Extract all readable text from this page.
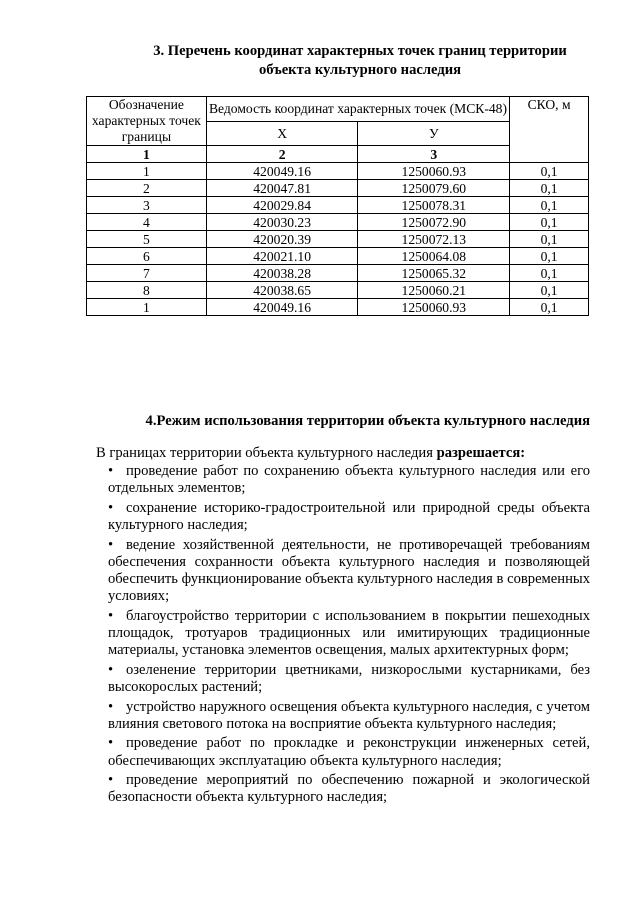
3. Перечень координат характерных точек границ территории
объекта культурного наследия
Обозначение характерных точек границы	Ведомость координат характерных точек (МСК-48)		СКО, м
	X	У	
1	2	3	
1	420049.16	1250060.93	0,1
2	420047.81	1250079.60	0,1
3	420029.84	1250078.31	0,1
4	420030.23	1250072.90	0,1
5	420020.39	1250072.13	0,1
6	420021.10	1250064.08	0,1
7	420038.28	1250065.32	0,1
8	420038.65	1250060.21	0,1
1	420049.16	1250060.93	0,1
4.Режим использования территории объекта культурного наследия
В границах территории объекта культурного наследия разрешается:
• проведение работ по сохранению объекта культурного наследия или его отдельных элементов;
• сохранение историко-градостроительной или природной среды объекта культурного наследия;
• ведение хозяйственной деятельности, не противоречащей требованиям обеспечения сохранности объекта культурного наследия и позволяющей обеспечить функционирование объекта культурного наследия в современных условиях;
• благоустройство территории с использованием в покрытии пешеходных площадок, тротуаров традиционных или имитирующих традиционные материалы, установка элементов освещения, малых архитектурных форм;
• озеленение территории цветниками, низкорослыми кустарниками, без высокорослых растений;
• устройство наружного освещения объекта культурного наследия, с учетом влияния светового потока на восприятие объекта культурного наследия;
• проведение работ по прокладке и реконструкции инженерных сетей, обеспечивающих эксплуатацию объекта культурного наследия;
• проведение мероприятий по обеспечению пожарной и экологической безопасности объекта культурного наследия;
